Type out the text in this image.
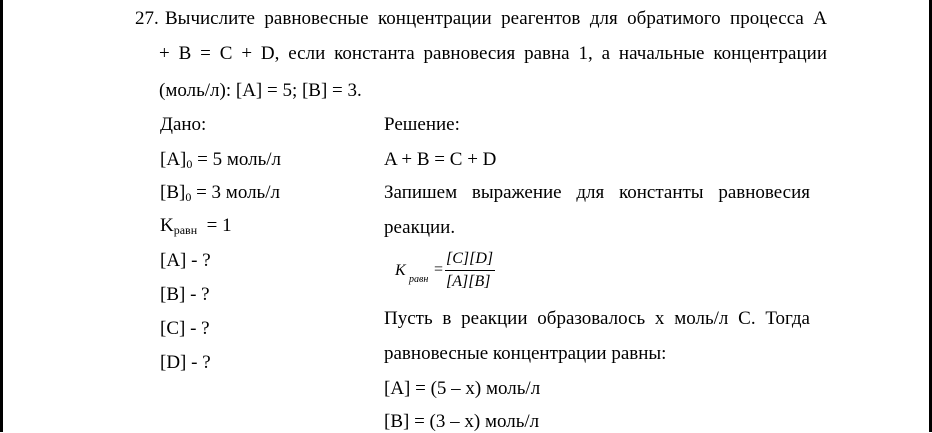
27. Вычислите равновесные концентрации реагентов для обратимого процесса А
+ В = С + D, если константа равновесия равна 1, а начальные концентрации
(моль/л): [A] = 5; [B] = 3.
Дано:
$[A]_0 = 5$ моль/л
$[B]_0 = 3$ моль/л
$K_{равн} = 1$
[A] - ?
[B] - ?
[C] - ?
[D] - ?
Решение:
A + B = C + D
Запишем выражение для константы равновесия
реакции.
Пусть в реакции образовалось х моль/л С. Тогда
равновесные концентрации равны:
[A] = (5 – x) моль/л
[B] = (3 – x) моль/л
K
равн
=
[C][D]
[A][B]
